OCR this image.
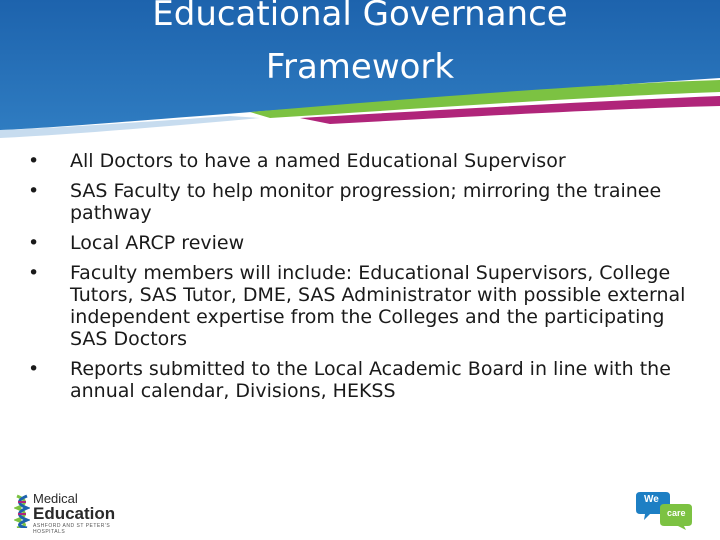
Educational Governance
Framework
•	All Doctors to have a named Educational Supervisor
•	SAS Faculty to help monitor progression; mirroring the trainee pathway
•	Local ARCP review
•	Faculty members will include: Educational Supervisors, College Tutors, SAS Tutor, DME, SAS Administrator with possible external independent expertise from the Colleges and the participating SAS Doctors
•	Reports submitted to the Local Academic Board in line with the annual calendar, Divisions, HEKSS
Medical
Education
ASHFORD AND ST PETER'S HOSPITALS
We
care
